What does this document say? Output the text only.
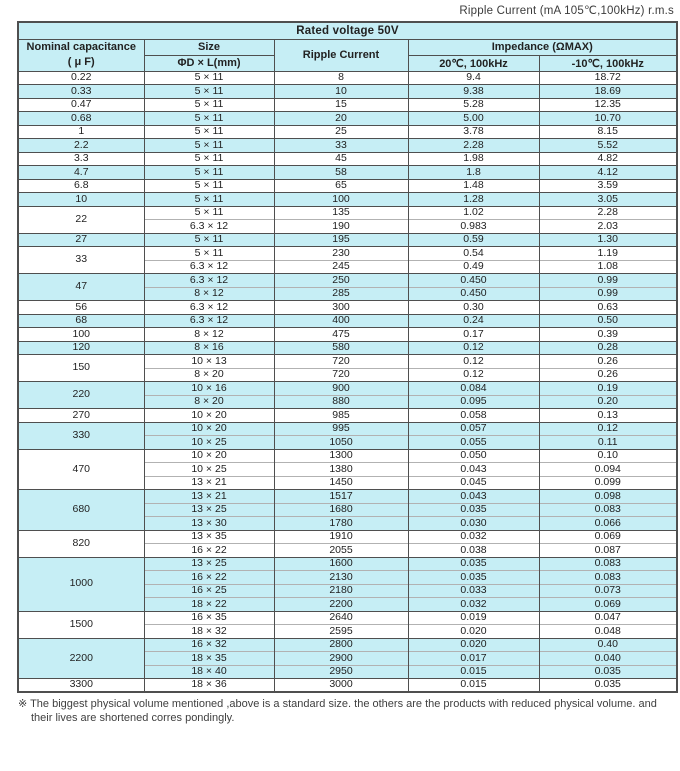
Ripple Current (mA 105℃,100kHz) r.m.s
Rated voltage 50V				

Nominal capacitance
( μ F)	Size	Ripple Current	Impedance (ΩMAX)	
	ΦD × L(mm)		20℃, 100kHz	-10℃, 100kHz
0.22	5 × 11	8	9.4	18.72
0.33	5 × 11	10	9.38	18.69
0.47	5 × 11	15	5.28	12.35
0.68	5 × 11	20	5.00	10.70
1	5 × 11	25	3.78	8.15
2.2	5 × 11	33	2.28	5.52
3.3	5 × 11	45	1.98	4.82
4.7	5 × 11	58	1.8	4.12
6.8	5 × 11	65	1.48	3.59
10	5 × 11	100	1.28	3.05
22	5 × 11	135	1.02	2.28
	6.3 × 12	190	0.983	2.03
27	5 × 11	195	0.59	1.30
33	5 × 11	230	0.54	1.19
	6.3 × 12	245	0.49	1.08
47	6.3 × 12	250	0.450	0.99
	8 × 12	285	0.450	0.99
56	6.3 × 12	300	0.30	0.63
68	6.3 × 12	400	0.24	0.50
100	8 × 12	475	0.17	0.39
120	8 × 16	580	0.12	0.28
150	10 × 13	720	0.12	0.26
	8 × 20	720	0.12	0.26
220	10 × 16	900	0.084	0.19
	8 × 20	880	0.095	0.20
270	10 × 20	985	0.058	0.13
330	10 × 20	995	0.057	0.12
	10 × 25	1050	0.055	0.11
470	10 × 20	1300	0.050	0.10
	10 × 25	1380	0.043	0.094
	13 × 21	1450	0.045	0.099
680	13 × 21	1517	0.043	0.098
	13 × 25	1680	0.035	0.083
	13 × 30	1780	0.030	0.066
820	13 × 35	1910	0.032	0.069
	16 × 22	2055	0.038	0.087
1000	13 × 25	1600	0.035	0.083
	16 × 22	2130	0.035	0.083
	16 × 25	2180	0.033	0.073
	18 × 22	2200	0.032	0.069
1500	16 × 35	2640	0.019	0.047
	18 × 32	2595	0.020	0.048
2200	16 × 32	2800	0.020	0.40
	18 × 35	2900	0.017	0.040
	18 × 40	2950	0.015	0.035
3300	18 × 36	3000	0.015	0.035
※ The biggest physical volume mentioned ,above is a standard size. the others are the products with reduced physical volume. and their lives are shortened corres pondingly.
